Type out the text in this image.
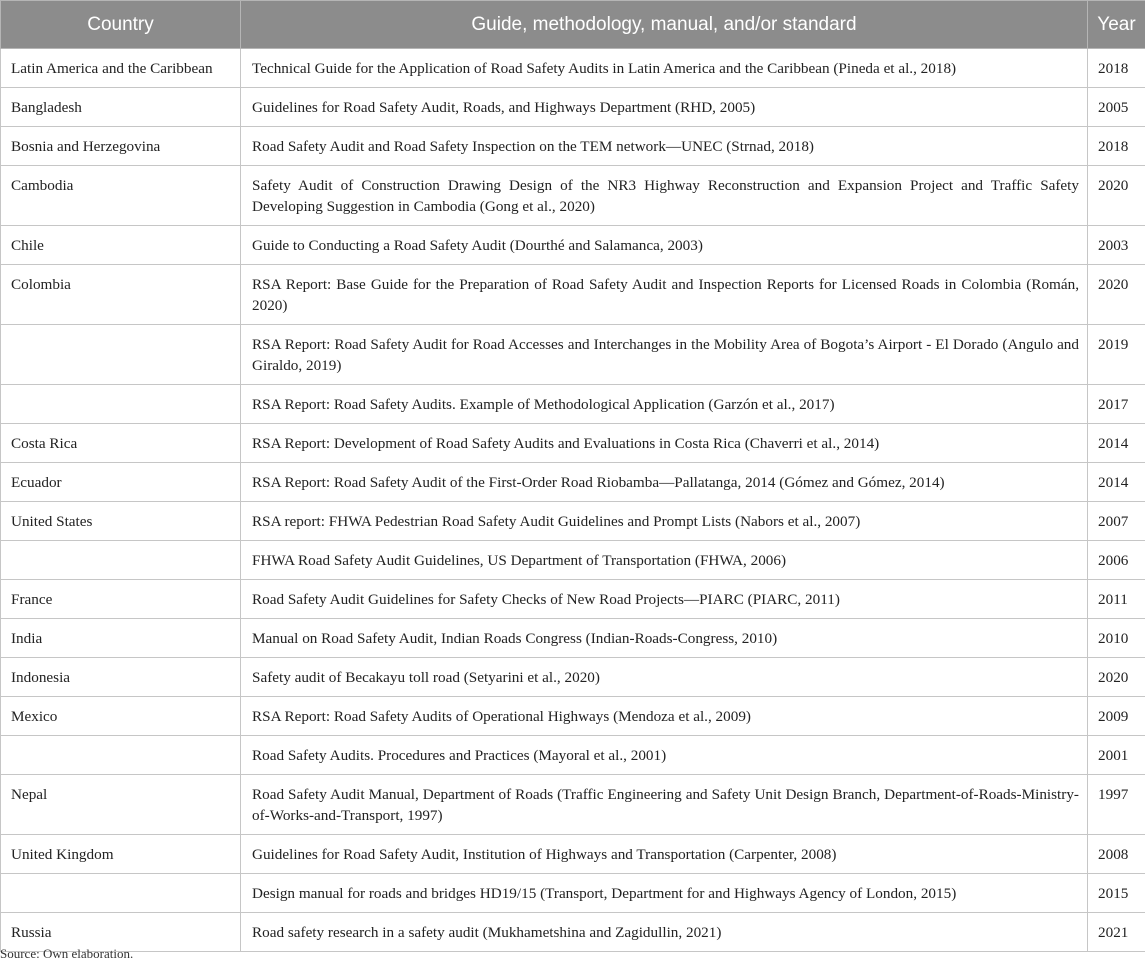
Country	Guide, methodology, manual, and/or standard	Year
Latin America and the Caribbean	Technical Guide for the Application of Road Safety Audits in Latin America and the Caribbean (Pineda et al., 2018)	2018
Bangladesh	Guidelines for Road Safety Audit, Roads, and Highways Department (RHD, 2005)	2005
Bosnia and Herzegovina	Road Safety Audit and Road Safety Inspection on the TEM network—UNEC (Strnad, 2018)	2018
Cambodia	Safety Audit of Construction Drawing Design of the NR3 Highway Reconstruction and Expansion Project and Traffic Safety Developing Suggestion in Cambodia (Gong et al., 2020)	2020
Chile	Guide to Conducting a Road Safety Audit (Dourthé and Salamanca, 2003)	2003
Colombia	RSA Report: Base Guide for the Preparation of Road Safety Audit and Inspection Reports for Licensed Roads in Colombia (Román, 2020)	2020
	RSA Report: Road Safety Audit for Road Accesses and Interchanges in the Mobility Area of Bogota’s Airport - El Dorado (Angulo and Giraldo, 2019)	2019
	RSA Report: Road Safety Audits. Example of Methodological Application (Garzón et al., 2017)	2017
Costa Rica	RSA Report: Development of Road Safety Audits and Evaluations in Costa Rica (Chaverri et al., 2014)	2014
Ecuador	RSA Report: Road Safety Audit of the First-Order Road Riobamba—Pallatanga, 2014 (Gómez and Gómez, 2014)	2014
United States	RSA report: FHWA Pedestrian Road Safety Audit Guidelines and Prompt Lists (Nabors et al., 2007)	2007
	FHWA Road Safety Audit Guidelines, US Department of Transportation (FHWA, 2006)	2006
France	Road Safety Audit Guidelines for Safety Checks of New Road Projects—PIARC (PIARC, 2011)	2011
India	Manual on Road Safety Audit, Indian Roads Congress (Indian-Roads-Congress, 2010)	2010
Indonesia	Safety audit of Becakayu toll road (Setyarini et al., 2020)	2020
Mexico	RSA Report: Road Safety Audits of Operational Highways (Mendoza et al., 2009)	2009
	Road Safety Audits. Procedures and Practices (Mayoral et al., 2001)	2001
Nepal	Road Safety Audit Manual, Department of Roads (Traffic Engineering and Safety Unit Design Branch, Department-of-Roads-Ministry-of-Works-and-Transport, 1997)	1997
United Kingdom	Guidelines for Road Safety Audit, Institution of Highways and Transportation (Carpenter, 2008)	2008
	Design manual for roads and bridges HD19/15 (Transport, Department for and Highways Agency of London, 2015)	2015
Russia	Road safety research in a safety audit (Mukhametshina and Zagidullin, 2021)	2021
Source: Own elaboration.
